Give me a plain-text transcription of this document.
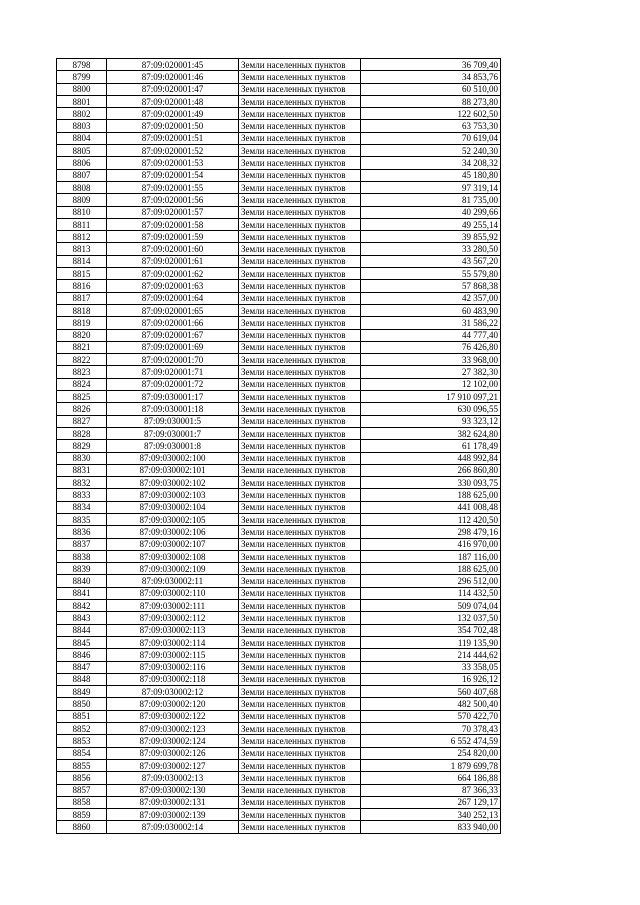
8798	87:09:020001:45	Земли населенных пунктов	36 709,40
8799	87:09:020001:46	Земли населенных пунктов	34 853,76
8800	87:09:020001:47	Земли населенных пунктов	60 510,00
8801	87:09:020001:48	Земли населенных пунктов	88 273,80
8802	87:09:020001:49	Земли населенных пунктов	122 602,50
8803	87:09:020001:50	Земли населенных пунктов	63 753,30
8804	87:09:020001:51	Земли населенных пунктов	70 619,04
8805	87:09:020001:52	Земли населенных пунктов	52 240,30
8806	87:09:020001:53	Земли населенных пунктов	34 208,32
8807	87:09:020001:54	Земли населенных пунктов	45 180,80
8808	87:09:020001:55	Земли населенных пунктов	97 319,14
8809	87:09:020001:56	Земли населенных пунктов	81 735,00
8810	87:09:020001:57	Земли населенных пунктов	40 299,66
8811	87:09:020001:58	Земли населенных пунктов	49 255,14
8812	87:09:020001:59	Земли населенных пунктов	39 855,92
8813	87:09:020001:60	Земли населенных пунктов	33 280,50
8814	87:09:020001:61	Земли населенных пунктов	43 567,20
8815	87:09:020001:62	Земли населенных пунктов	55 579,80
8816	87:09:020001:63	Земли населенных пунктов	57 868,38
8817	87:09:020001:64	Земли населенных пунктов	42 357,00
8818	87:09:020001:65	Земли населенных пунктов	60 483,90
8819	87:09:020001:66	Земли населенных пунктов	31 586,22
8820	87:09:020001:67	Земли населенных пунктов	44 777,40
8821	87:09:020001:69	Земли населенных пунктов	76 426,80
8822	87:09:020001:70	Земли населенных пунктов	33 968,00
8823	87:09:020001:71	Земли населенных пунктов	27 382,30
8824	87:09:020001:72	Земли населенных пунктов	12 102,00
8825	87:09:030001:17	Земли населенных пунктов	17 910 097,21
8826	87:09:030001:18	Земли населенных пунктов	630 096,55
8827	87:09:030001:5	Земли населенных пунктов	93 323,12
8828	87:09:030001:7	Земли населенных пунктов	382 624,80
8829	87:09:030001:8	Земли населенных пунктов	61 178,49
8830	87:09:030002:100	Земли населенных пунктов	448 992,84
8831	87:09:030002:101	Земли населенных пунктов	266 860,80
8832	87:09:030002:102	Земли населенных пунктов	330 093,75
8833	87:09:030002:103	Земли населенных пунктов	188 625,00
8834	87:09:030002:104	Земли населенных пунктов	441 008,48
8835	87:09:030002:105	Земли населенных пунктов	112 420,50
8836	87:09:030002:106	Земли населенных пунктов	298 479,16
8837	87:09:030002:107	Земли населенных пунктов	416 970,00
8838	87:09:030002:108	Земли населенных пунктов	187 116,00
8839	87:09:030002:109	Земли населенных пунктов	188 625,00
8840	87:09:030002:11	Земли населенных пунктов	296 512,00
8841	87:09:030002:110	Земли населенных пунктов	114 432,50
8842	87:09:030002:111	Земли населенных пунктов	509 074,04
8843	87:09:030002:112	Земли населенных пунктов	132 037,50
8844	87:09:030002:113	Земли населенных пунктов	354 702,48
8845	87:09:030002:114	Земли населенных пунктов	119 135,90
8846	87:09:030002:115	Земли населенных пунктов	214 444,62
8847	87:09:030002:116	Земли населенных пунктов	33 358,05
8848	87:09:030002:118	Земли населенных пунктов	16 926,12
8849	87:09:030002:12	Земли населенных пунктов	560 407,68
8850	87:09:030002:120	Земли населенных пунктов	482 500,40
8851	87:09:030002:122	Земли населенных пунктов	570 422,70
8852	87:09:030002:123	Земли населенных пунктов	70 378,43
8853	87:09:030002:124	Земли населенных пунктов	6 552 474,59
8854	87:09:030002:126	Земли населенных пунктов	254 820,00
8855	87:09:030002:127	Земли населенных пунктов	1 879 699,78
8856	87:09:030002:13	Земли населенных пунктов	664 186,88
8857	87:09:030002:130	Земли населенных пунктов	87 366,33
8858	87:09:030002:131	Земли населенных пунктов	267 129,17
8859	87:09:030002:139	Земли населенных пунктов	340 252,13
8860	87:09:030002:14	Земли населенных пунктов	833 940,00
